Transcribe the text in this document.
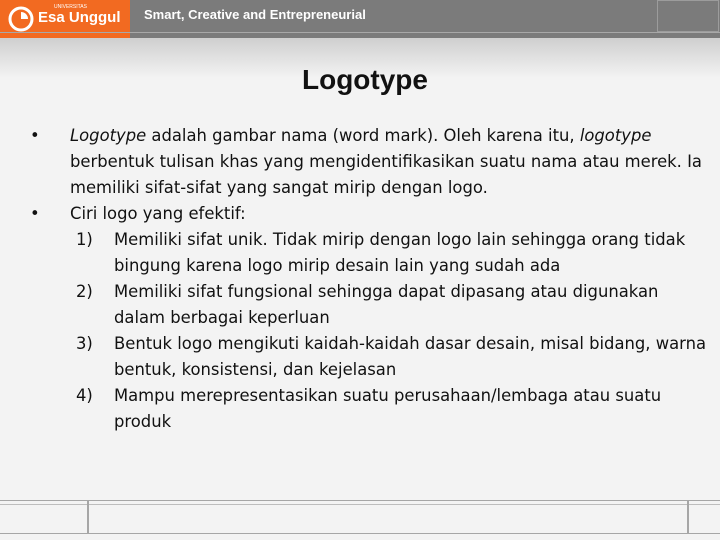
UNIVERSITAS
Esa Unggul Smart, Creative and Entrepreneurial
Logotype
•	Logotype adalah gambar nama (word mark). Oleh karena itu, logotype berbentuk tulisan khas yang mengidentifikasikan suatu nama atau merek. Ia memiliki sifat-sifat yang sangat mirip dengan logo.
•	Ciri logo yang efektif:
1) Memiliki sifat unik. Tidak mirip dengan logo lain sehingga orang tidak bingung karena logo mirip desain lain yang sudah ada
2) Memiliki sifat fungsional sehingga dapat dipasang atau digunakan dalam berbagai keperluan
3) Bentuk logo mengikuti kaidah-kaidah dasar desain, misal bidang, warna bentuk, konsistensi, dan kejelasan
4) Mampu merepresentasikan suatu perusahaan/lembaga atau suatu produk
